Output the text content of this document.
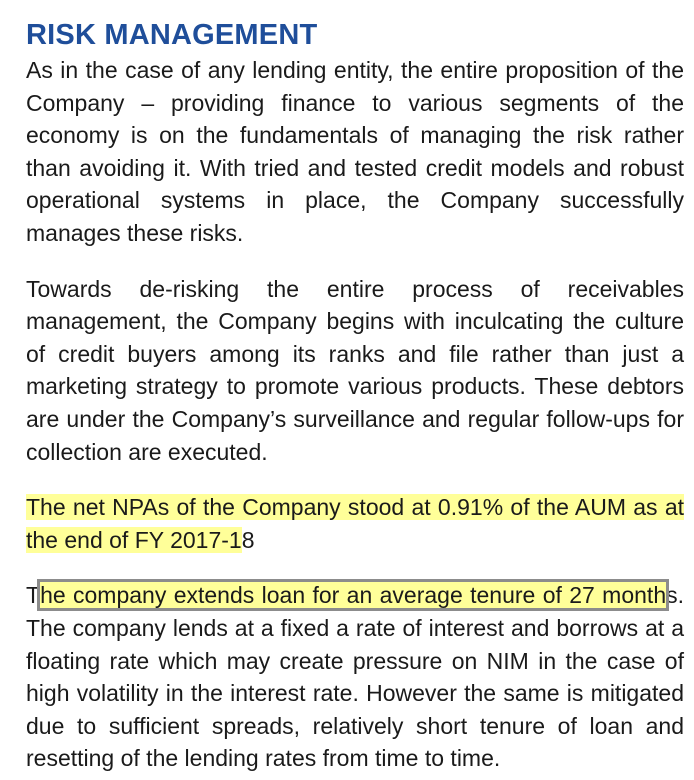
RISK MANAGEMENT

As in the case of any lending entity, the entire proposition of the Company – providing finance to various segments of the economy is on the fundamentals of managing the risk rather than avoiding it. With tried and tested credit models and robust operational systems in place, the Company successfully manages these risks.

Towards de-risking the entire process of receivables management, the Company begins with inculcating the culture of credit buyers among its ranks and file rather than just a marketing strategy to promote various products. These debtors are under the Company’s surveillance and regular follow-ups for collection are executed.

The net NPAs of the Company stood at 0.91% of the AUM as at the end of FY 2017-18

The company extends loan for an average tenure of 27 months. The company lends at a fixed a rate of interest and borrows at a floating rate which may create pressure on NIM in the case of high volatility in the interest rate. However the same is mitigated due to sufficient spreads, relatively short tenure of loan and resetting of the lending rates from time to time.
